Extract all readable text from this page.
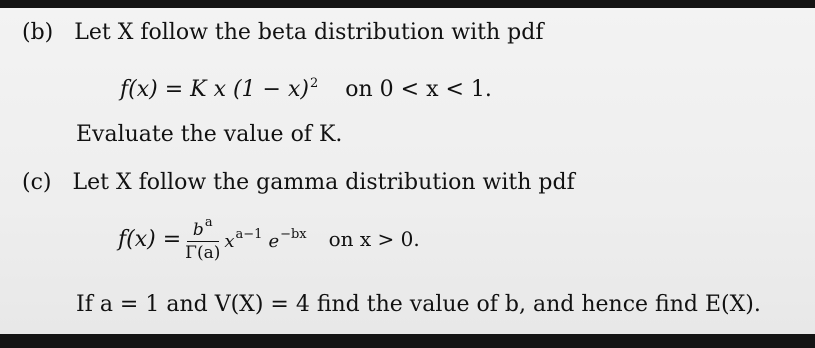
(b) Let X follow the beta distribution with pdf
f(x) = K x $(1 - x)^2$ on 0 < x < 1.
Evaluate the value of K.
(c) Let X follow the gamma distribution with pdf
$f(x) = \frac{b^a}{\Gamma(a)} x^{a-1}$ $e^{-bx}$ on x > 0.
If a = 1 and V(X) = 4 find the value of b, and hence find E(X).
